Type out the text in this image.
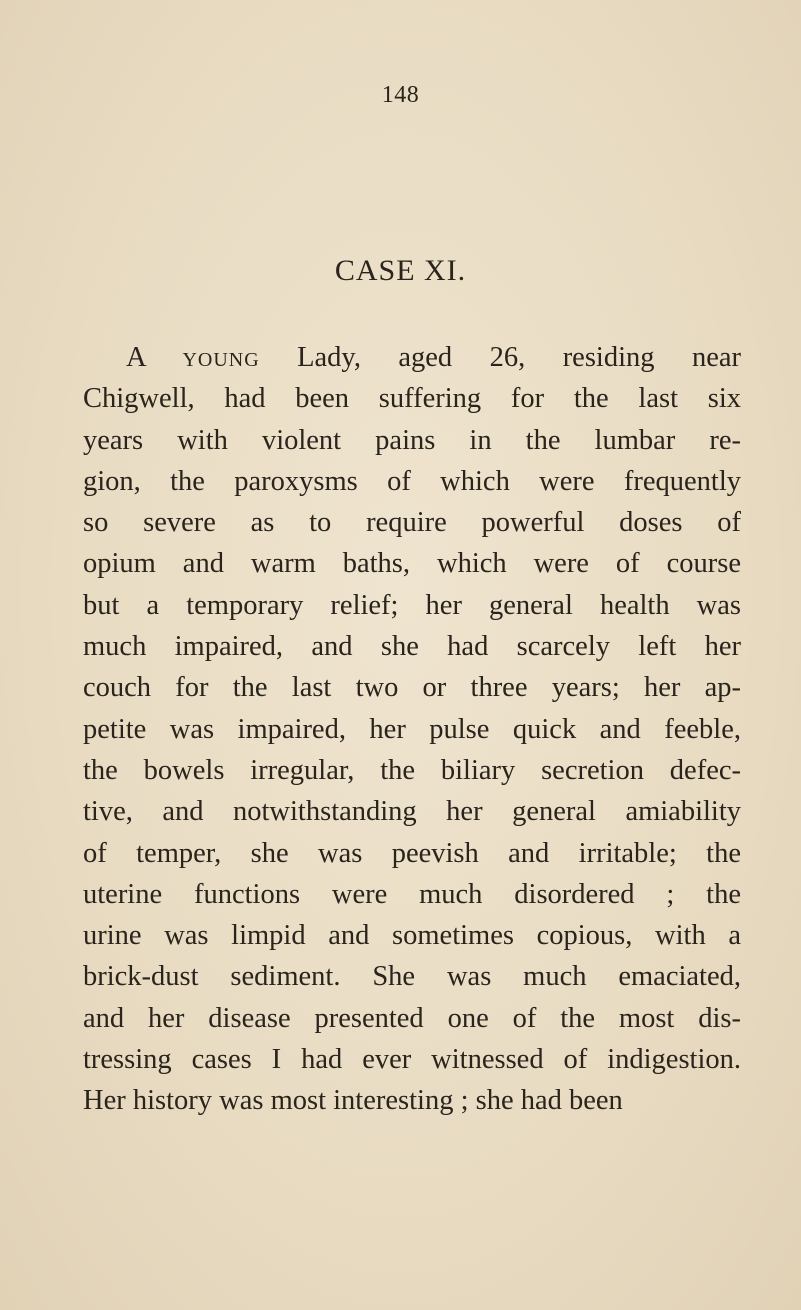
148
CASE XI.
A young Lady, aged 26, residing near
Chigwell, had been suffering for the last six
years with violent pains in the lumbar re-
gion, the paroxysms of which were frequently
so severe as to require powerful doses of
opium and warm baths, which were of course
but a temporary relief; her general health was
much impaired, and she had scarcely left her
couch for the last two or three years; her ap-
petite was impaired, her pulse quick and feeble,
the bowels irregular, the biliary secretion defec-
tive, and notwithstanding her general amiability
of temper, she was peevish and irritable; the
uterine functions were much disordered ; the
urine was limpid and sometimes copious, with a
brick-dust sediment. She was much emaciated,
and her disease presented one of the most dis-
tressing cases I had ever witnessed of indigestion.
Her history was most interesting ; she had been
